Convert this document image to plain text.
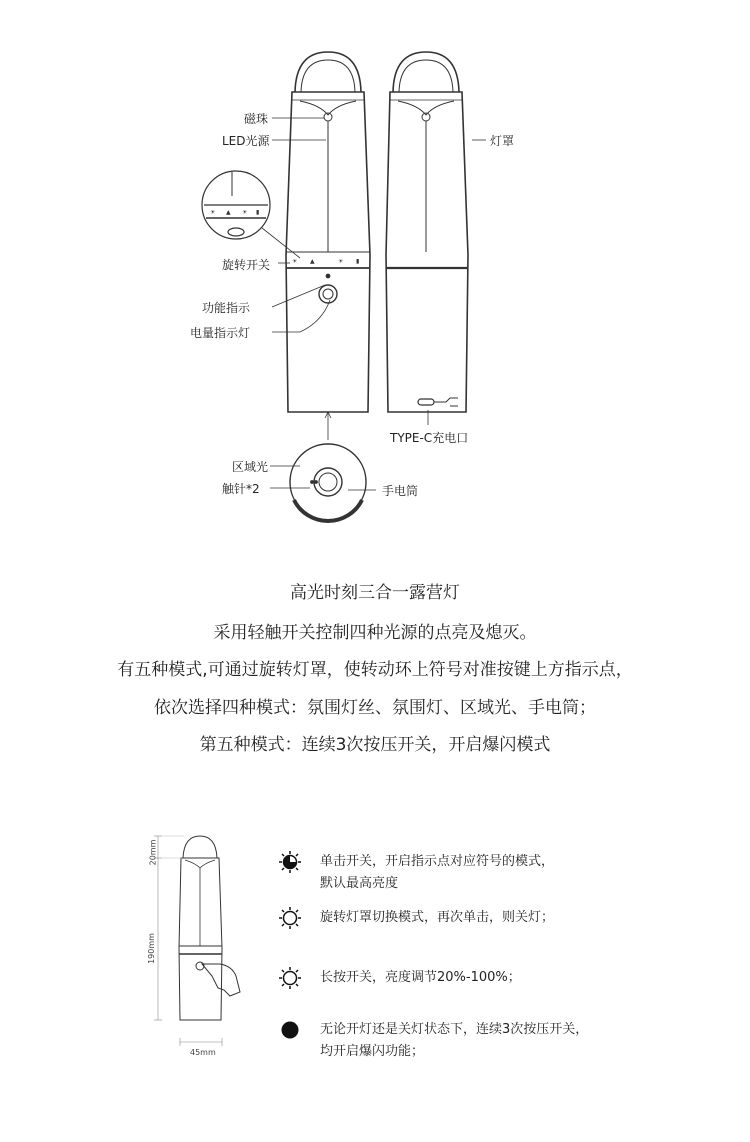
☀ ▲	☀ ▮
☀ ▲ ☀ ▮
磁珠
LED光源	灯罩
旋转开关
功能指示
电量指示灯
TYPE-C充电口
区域光
触针*2	手电筒
高光时刻三合一露营灯
采用轻触开关控制四种光源的点亮及熄灭。
有五种模式,可通过旋转灯罩，使转动环上符号对准按键上方指示点，
依次选择四种模式：氛围灯丝、氛围灯、区域光、手电筒；
第五种模式：连续3次按压开关，开启爆闪模式
20mm
190mm
45mm
单击开关，开启指示点对应符号的模式，
默认最高亮度
旋转灯罩切换模式，再次单击，则关灯；
长按开关，亮度调节20%-100%；
无论开灯还是关灯状态下，连续3次按压开关，
均开启爆闪功能；
